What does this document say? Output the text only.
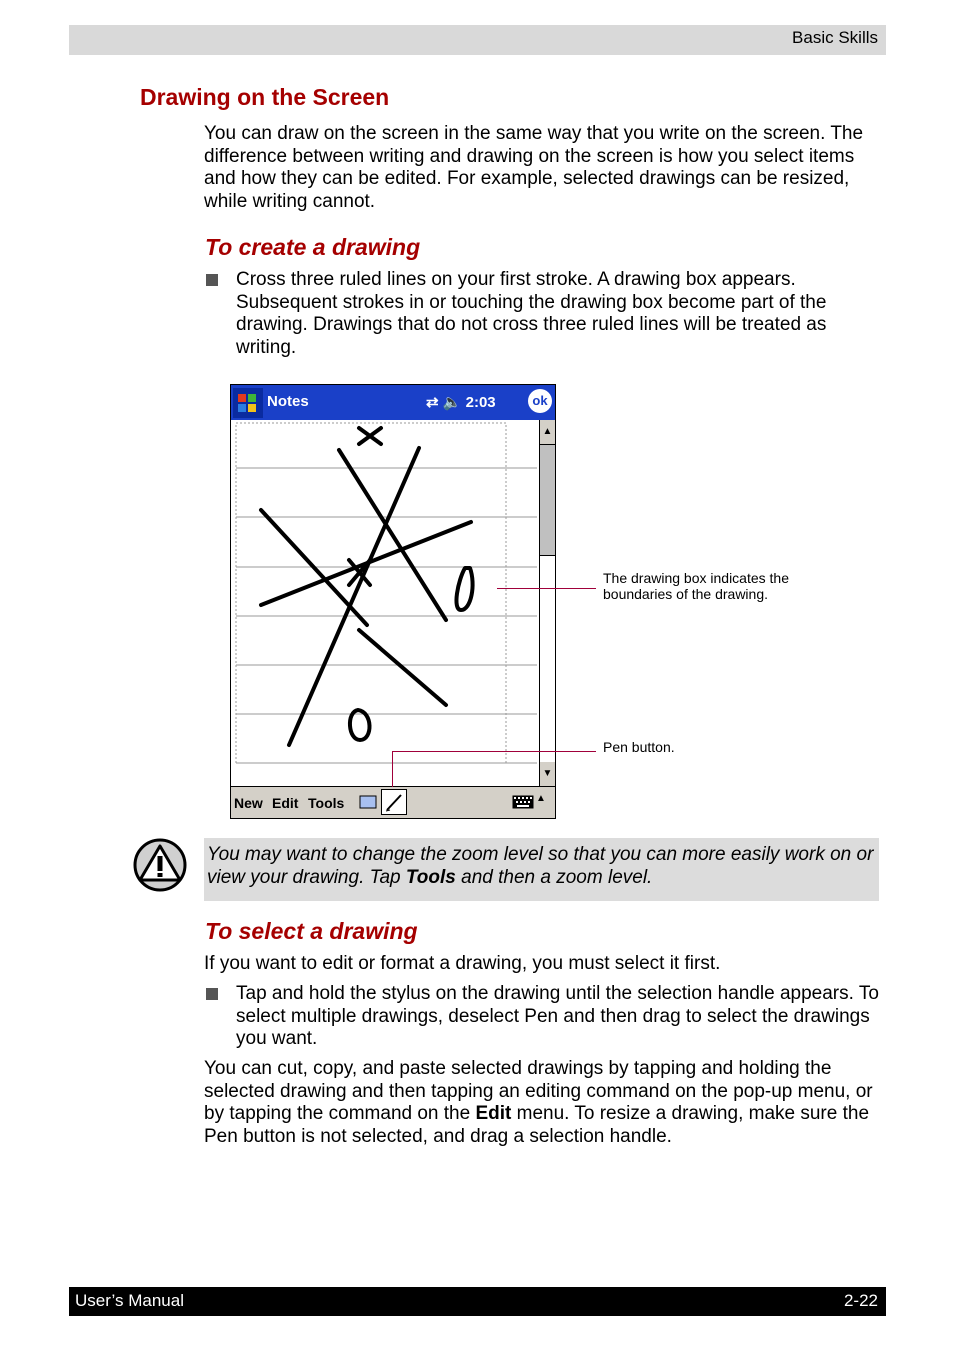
Basic Skills
Drawing on the Screen

You can draw on the screen in the same way that you write on the screen. The difference between writing and drawing on the screen is how you select items and how they can be edited. For example, selected drawings can be resized, while writing cannot.

To create a drawing
Cross three ruled lines on your first stroke. A drawing box appears. Subsequent strokes in or touching the drawing box become part of the drawing. Drawings that do not cross three ruled lines will be treated as writing.
Notes	⇄ 🔈 2:03	ok
▲
▼
New Edit Tools	▲
The drawing box indicates the boundaries of the drawing.
Pen button.
You may want to change the zoom level so that you can more easily work on or view your drawing. Tap Tools and then a zoom level.
To select a drawing

If you want to edit or format a drawing, you must select it first.

Tap and hold the stylus on the drawing until the selection handle appears. To select multiple drawings, deselect Pen and then drag to select the drawings you want.

You can cut, copy, and paste selected drawings by tapping and holding the selected drawing and then tapping an editing command on the pop-up menu, or by tapping the command on the Edit menu. To resize a drawing, make sure the Pen button is not selected, and drag a selection handle.

User’s Manual	2-22
